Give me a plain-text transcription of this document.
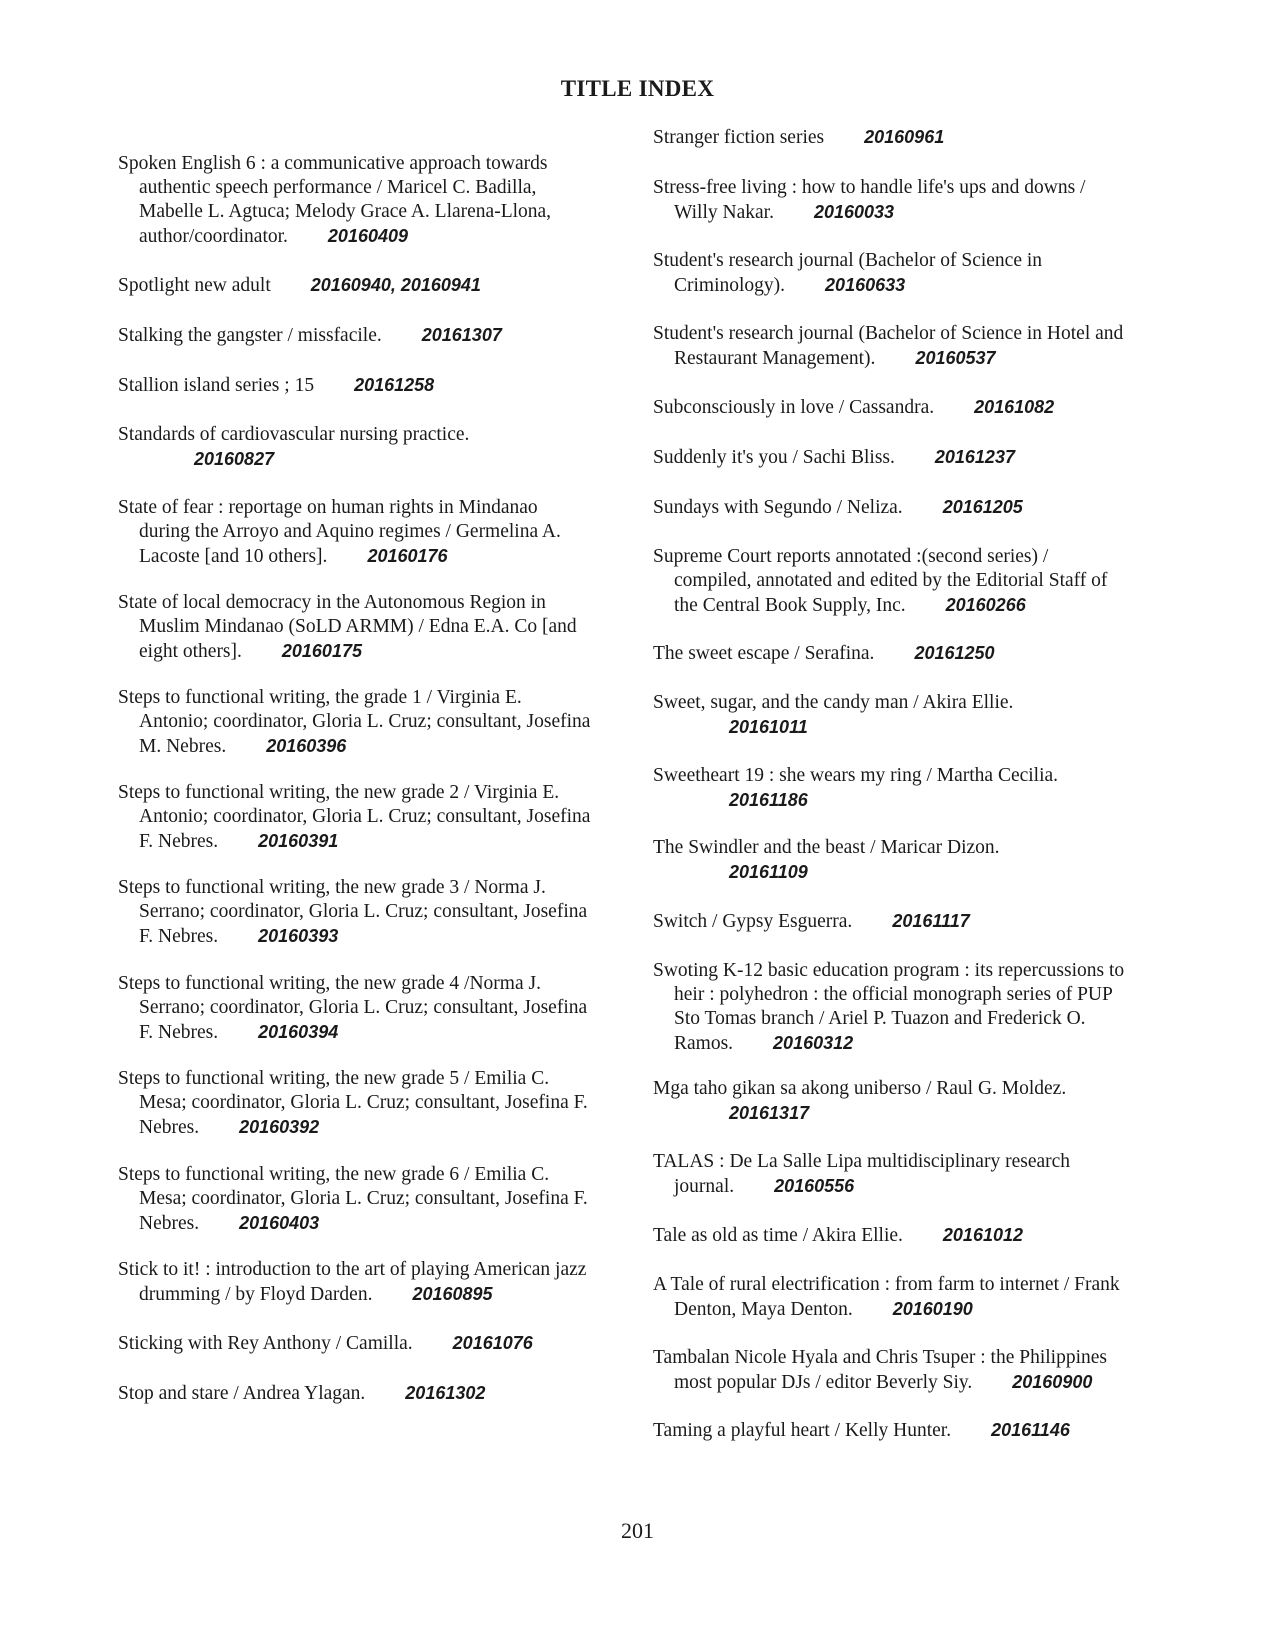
TITLE INDEX
Spoken English 6 : a communicative approach towards
authentic speech performance / Maricel C. Badilla,
Mabelle L. Agtuca; Melody Grace A. Llarena-Llona,
author/coordinator. 20160409
Spotlight new adult 20160940, 20160941
Stalking the gangster / missfacile. 20161307
Stallion island series ; 15 20161258
Standards of cardiovascular nursing practice.
20160827
State of fear : reportage on human rights in Mindanao
during the Arroyo and Aquino regimes / Germelina A.
Lacoste [and 10 others]. 20160176
State of local democracy in the Autonomous Region in
Muslim Mindanao (SoLD ARMM) / Edna E.A. Co [and
eight others]. 20160175
Steps to functional writing, the grade 1 / Virginia E.
Antonio; coordinator, Gloria L. Cruz; consultant, Josefina
M. Nebres. 20160396
Steps to functional writing, the new grade 2 / Virginia E.
Antonio; coordinator, Gloria L. Cruz; consultant, Josefina
F. Nebres. 20160391
Steps to functional writing, the new grade 3 / Norma J.
Serrano; coordinator, Gloria L. Cruz; consultant, Josefina
F. Nebres. 20160393
Steps to functional writing, the new grade 4 /Norma J.
Serrano; coordinator, Gloria L. Cruz; consultant, Josefina
F. Nebres. 20160394
Steps to functional writing, the new grade 5 / Emilia C.
Mesa; coordinator, Gloria L. Cruz; consultant, Josefina F.
Nebres. 20160392
Steps to functional writing, the new grade 6 / Emilia C.
Mesa; coordinator, Gloria L. Cruz; consultant, Josefina F.
Nebres. 20160403
Stick to it! : introduction to the art of playing American jazz
drumming / by Floyd Darden. 20160895
Sticking with Rey Anthony / Camilla. 20161076
Stop and stare / Andrea Ylagan. 20161302
Stranger fiction series 20160961
Stress-free living : how to handle life's ups and downs /
Willy Nakar. 20160033
Student's research journal (Bachelor of Science in
Criminology). 20160633
Student's research journal (Bachelor of Science in Hotel and
Restaurant Management). 20160537
Subconsciously in love / Cassandra. 20161082
Suddenly it's you / Sachi Bliss. 20161237
Sundays with Segundo / Neliza. 20161205
Supreme Court reports annotated :(second series) /
compiled, annotated and edited by the Editorial Staff of
the Central Book Supply, Inc. 20160266
The sweet escape / Serafina. 20161250
Sweet, sugar, and the candy man / Akira Ellie.
20161011
Sweetheart 19 : she wears my ring / Martha Cecilia.
20161186
The Swindler and the beast / Maricar Dizon.
20161109
Switch / Gypsy Esguerra. 20161117
Swoting K-12 basic education program : its repercussions to
heir : polyhedron : the official monograph series of PUP
Sto Tomas branch / Ariel P. Tuazon and Frederick O.
Ramos. 20160312
Mga taho gikan sa akong uniberso / Raul G. Moldez.
20161317
TALAS : De La Salle Lipa multidisciplinary research
journal. 20160556
Tale as old as time / Akira Ellie. 20161012
A Tale of rural electrification : from farm to internet / Frank
Denton, Maya Denton. 20160190
Tambalan Nicole Hyala and Chris Tsuper : the Philippines
most popular DJs / editor Beverly Siy. 20160900
Taming a playful heart / Kelly Hunter. 20161146
201
